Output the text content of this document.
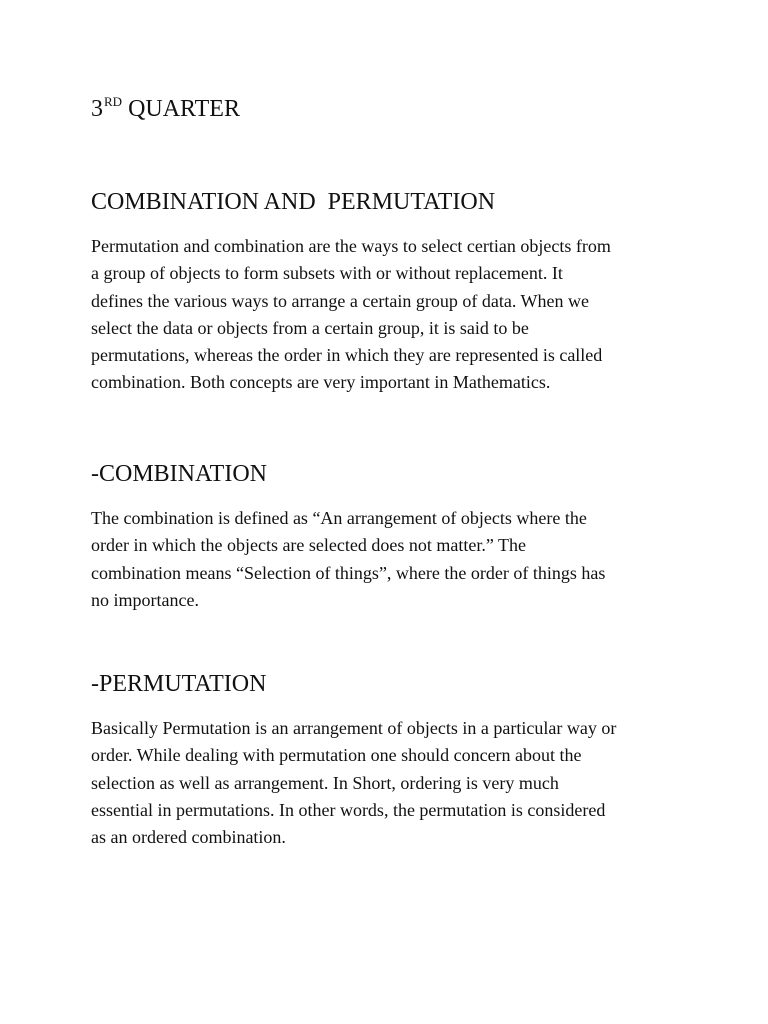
3RD QUARTER
COMBINATION AND  PERMUTATION

Permutation and combination are the ways to select certian objects from
a group of objects to form subsets with or without replacement. It
defines the various ways to arrange a certain group of data. When we
select the data or objects from a certain group, it is said to be
permutations, whereas the order in which they are represented is called
combination. Both concepts are very important in Mathematics.

-COMBINATION

The combination is defined as “An arrangement of objects where the
order in which the objects are selected does not matter.” The
combination means “Selection of things”, where the order of things has
no importance.

-PERMUTATION

Basically Permutation is an arrangement of objects in a particular way or
order. While dealing with permutation one should concern about the
selection as well as arrangement. In Short, ordering is very much
essential in permutations. In other words, the permutation is considered
as an ordered combination.
